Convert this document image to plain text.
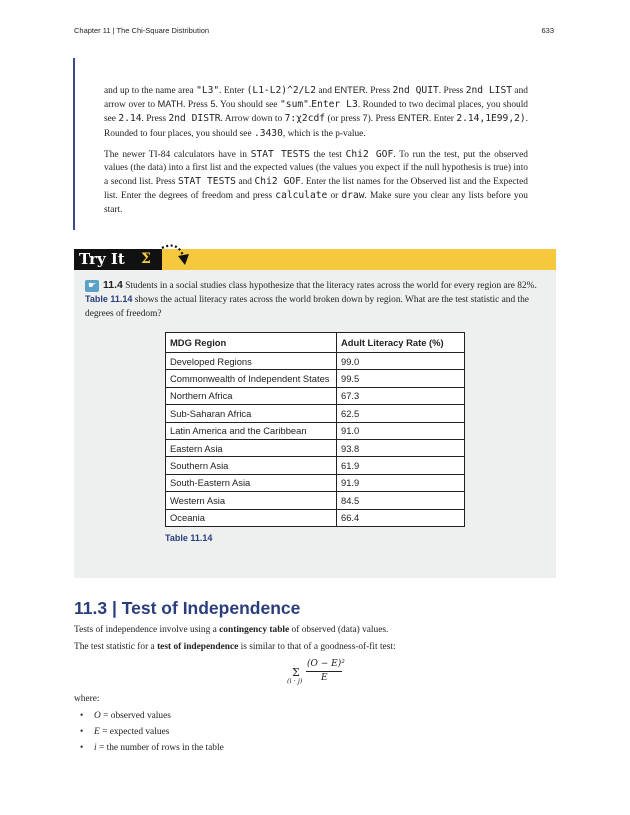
Chapter 11 | The Chi-Square Distribution	633

and up to the name area "L3". Enter (L1-L2)^2/L2 and ENTER. Press 2nd QUIT. Press 2nd LIST and arrow over to MATH. Press 5. You should see "sum".Enter L3. Rounded to two decimal places, you should see 2.14. Press 2nd DISTR. Arrow down to 7:χ2cdf (or press 7). Press ENTER. Enter 2.14,1E99,2). Rounded to four places, you should see .3430, which is the p-value.

The newer TI-84 calculators have in STAT TESTS the test Chi2 GOF. To run the test, put the observed values (the data) into a first list and the expected values (the values you expect if the null hypothesis is true) into a second list. Press STAT TESTS and Chi2 GOF. Enter the list names for the Observed list and the Expected list. Enter the degrees of freedom and press calculate or draw. Make sure you clear any lists before you start.

Try It	Σ
11.4 Students in a social studies class hypothesize that the literacy rates across the world for every region are 82%. Table 11.14 shows the actual literacy rates across the world broken down by region. What are the test statistic and the degrees of freedom?
☛
MDG Region	Adult Literacy Rate (%)
Developed Regions	99.0
Commonwealth of Independent States	99.5
Northern Africa	67.3
Sub-Saharan Africa	62.5
Latin America and the Caribbean	91.0
Eastern Asia	93.8
Southern Asia	61.9
South-Eastern Asia	91.9
Western Asia	84.5
Oceania	66.4
Table 11.14
11.3 | Test of Independence
Tests of independence involve using a contingency table of observed (data) values.
The test statistic for a test of independence is similar to that of a goodness-of-fit test:
Σ
(i · j)
(O − E)²
E
where:
• O = observed values
• E = expected values
• i = the number of rows in the table
